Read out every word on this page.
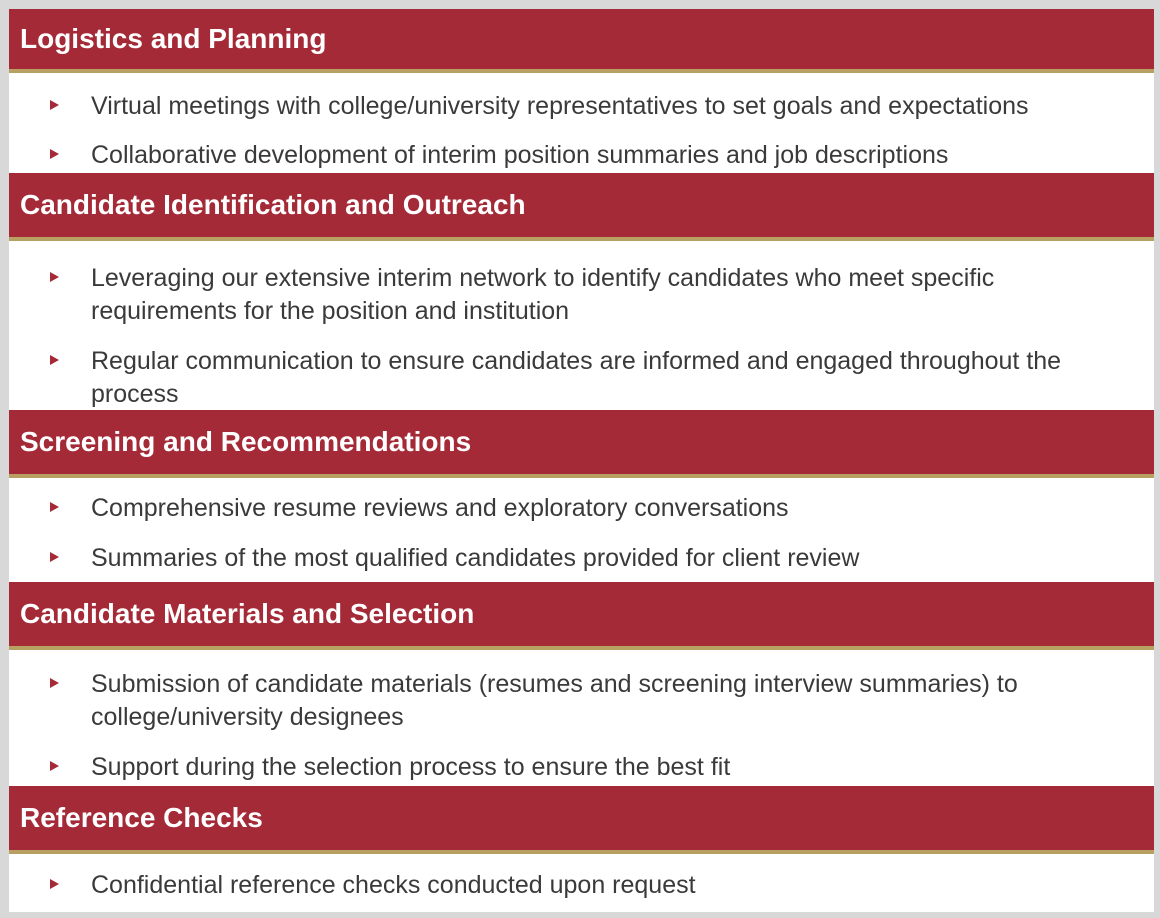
Logistics and Planning
Virtual meetings with college/university representatives to set goals and expectations
Collaborative development of interim position summaries and job descriptions
Candidate Identification and Outreach
Leveraging our extensive interim network to identify candidates who meet specific requirements for the position and institution
Regular communication to ensure candidates are informed and engaged throughout the process
Screening and Recommendations
Comprehensive resume reviews and exploratory conversations
Summaries of the most qualified candidates provided for client review
Candidate Materials and Selection
Submission of candidate materials (resumes and screening interview summaries) to college/university designees
Support during the selection process to ensure the best fit
Reference Checks
Confidential reference checks conducted upon request
